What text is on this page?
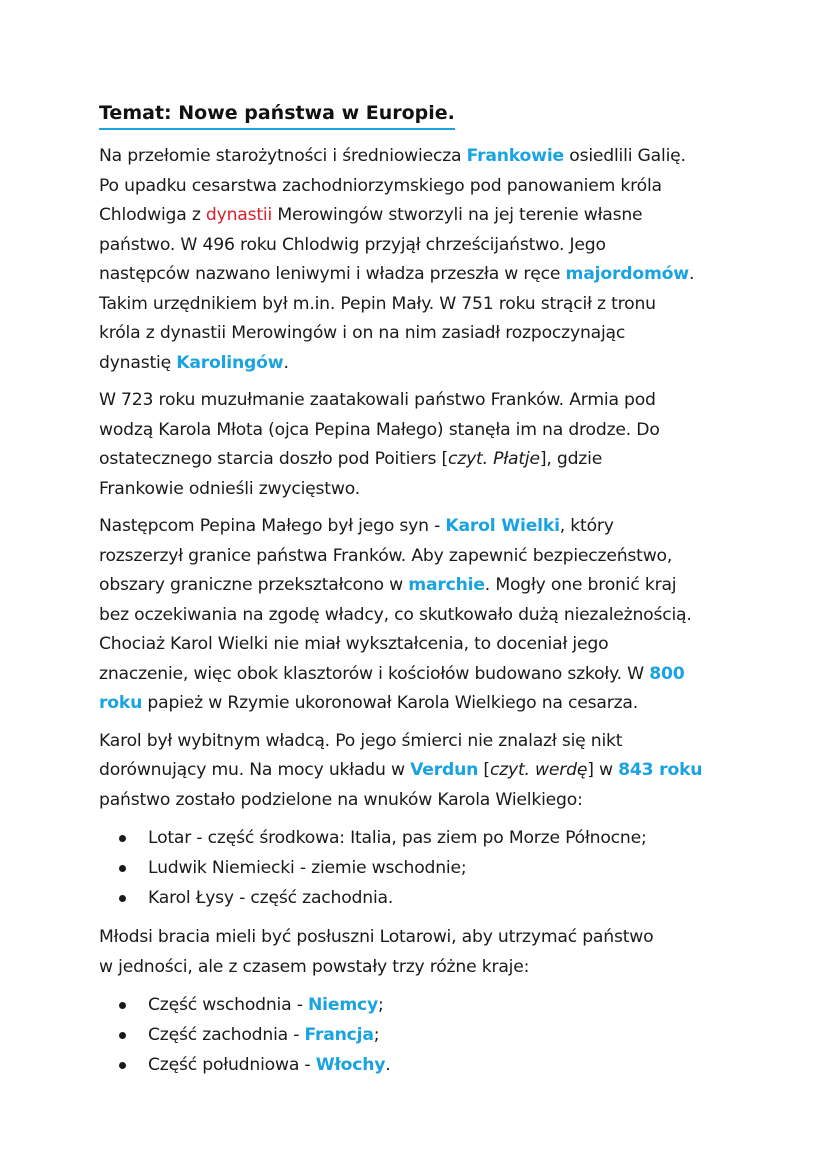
Temat: Nowe państwa w Europie.
Na przełomie starożytności i średniowiecza Frankowie osiedlili Galię.
Po upadku cesarstwa zachodniorzymskiego pod panowaniem króla
Chlodwiga z dynastii Merowingów stworzyli na jej terenie własne
państwo. W 496 roku Chlodwig przyjął chrześcijaństwo. Jego
następców nazwano leniwymi i władza przeszła w ręce majordomów.
Takim urzędnikiem był m.in. Pepin Mały. W 751 roku strącił z tronu
króla z dynastii Merowingów i on na nim zasiadł rozpoczynając
dynastię Karolingów.
W 723 roku muzułmanie zaatakowali państwo Franków. Armia pod
wodzą Karola Młota (ojca Pepina Małego) stanęła im na drodze. Do
ostatecznego starcia doszło pod Poitiers [czyt. Płatje], gdzie
Frankowie odnieśli zwycięstwo.
Następcom Pepina Małego był jego syn - Karol Wielki, który
rozszerzył granice państwa Franków. Aby zapewnić bezpieczeństwo,
obszary graniczne przekształcono w marchie. Mogły one bronić kraj
bez oczekiwania na zgodę władcy, co skutkowało dużą niezależnością.
Chociaż Karol Wielki nie miał wykształcenia, to doceniał jego
znaczenie, więc obok klasztorów i kościołów budowano szkoły. W 800
roku papież w Rzymie ukoronował Karola Wielkiego na cesarza.
Karol był wybitnym władcą. Po jego śmierci nie znalazł się nikt
dorównujący mu. Na mocy układu w Verdun [czyt. werdę] w 843 roku
państwo zostało podzielone na wnuków Karola Wielkiego:
Lotar - część środkowa: Italia, pas ziem po Morze Północne;
Ludwik Niemiecki - ziemie wschodnie;
Karol Łysy - część zachodnia.
Młodsi bracia mieli być posłuszni Lotarowi, aby utrzymać państwo
w jedności, ale z czasem powstały trzy różne kraje:
Część wschodnia - Niemcy;
Część zachodnia - Francja;
Część południowa - Włochy.
